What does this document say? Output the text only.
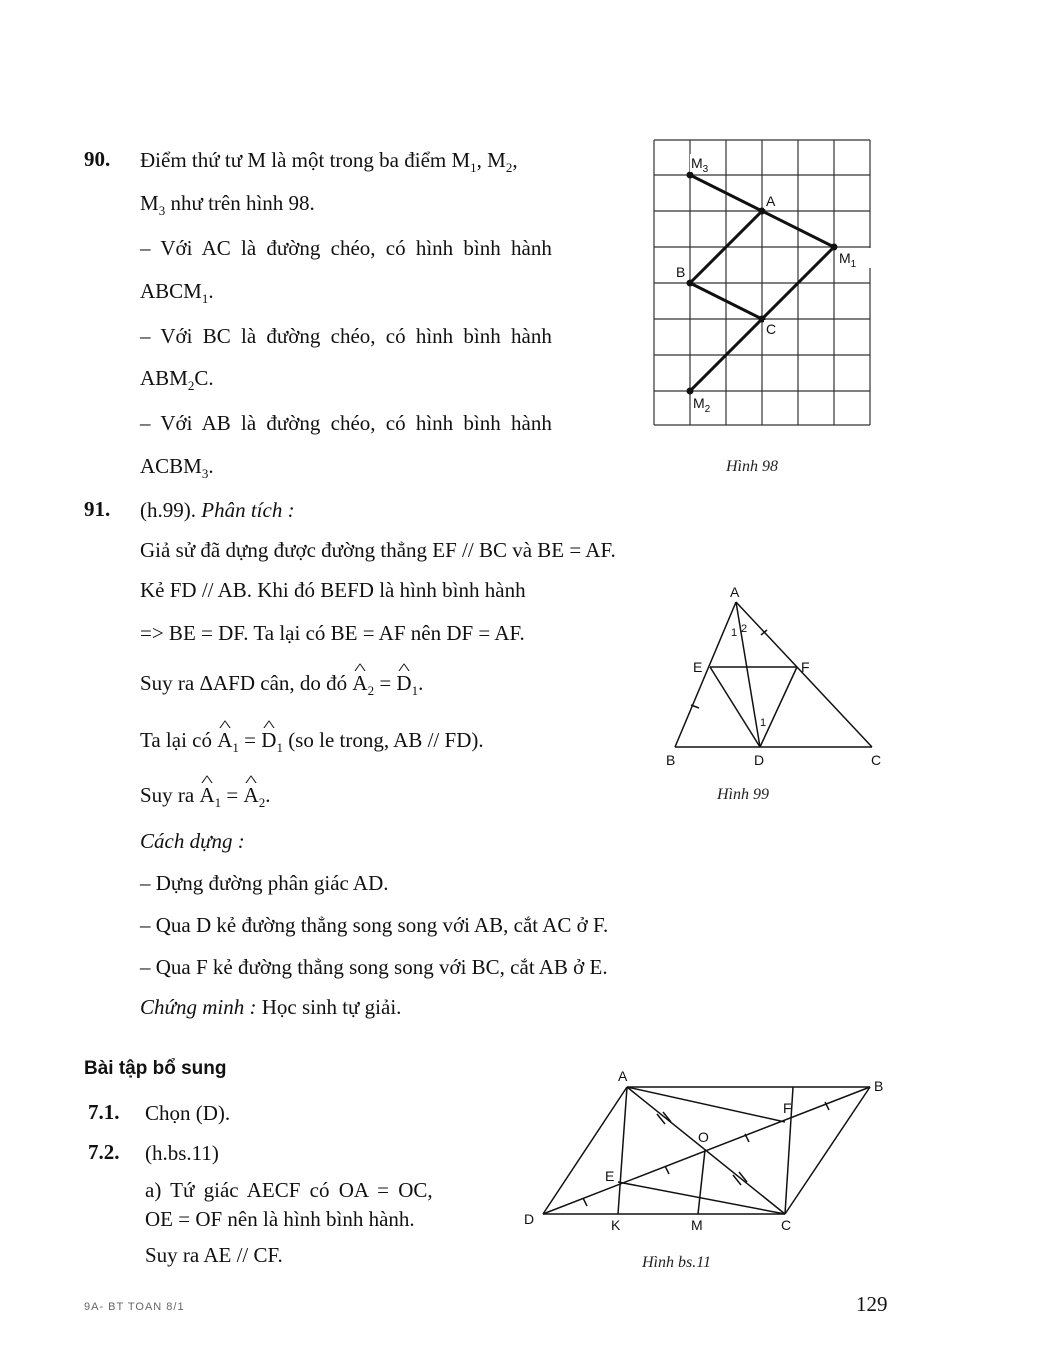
90. Điểm thứ tư M là một trong ba điểm $M_1$, $M_2$,
$M_3$ như trên hình 98.
– Với AC là đường chéo, có hình bình hành
$ABCM_1$.
– Với BC là đường chéo, có hình bình hành
$ABM_2C$.
– Với AB là đường chéo, có hình bình hành
$ACBM_3$.
$M_3$
A
$M_1$
B
C
$M_2$
Hình 98
91. (h.99). Phân tích :
Giả sử đã dựng được đường thẳng EF // BC và BE = AF.
Kẻ FD // AB. Khi đó BEFD là hình bình hành
=> BE = DF. Ta lại có BE = AF nên DF = AF.
Suy ra ΔAFD cân, do đó ^ $A_2$ = ^ $D_1$.
Ta lại có ^ $A_1$ = ^ $D_1$ (so le trong, AB // FD).
Suy ra ^ $A_1$ = ^ $A_2$.
Cách dựng :
– Dựng đường phân giác AD.
– Qua D kẻ đường thẳng song song với AB, cắt AC ở F.
– Qua F kẻ đường thẳng song song với BC, cắt AB ở E.
Chứng minh : Học sinh tự giải.
A
B	C
D
E	F
1 2
1
Hình 99
Bài tập bổ sung
7.1. Chọn (D).
7.2. (h.bs.11)
a) Tứ giác AECF có OA = OC,
OE = OF nên là hình bình hành.
Suy ra AE // CF.
A
B
C
D
E
F
O
K	M
Hình bs.11
9A- BT TOAN 8/1	129
